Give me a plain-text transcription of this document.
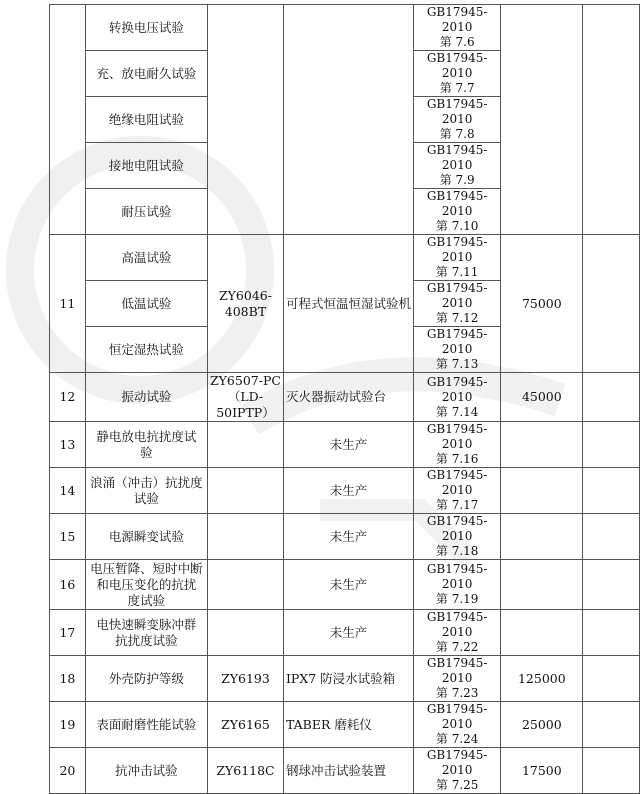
	转换电压试验			GB17945-2010
第 7.6		

	充、放电耐久试验			GB17945-2010
第 7.7		

	绝缘电阻试验			GB17945-2010
第 7.8		

	接地电阻试验			GB17945-2010
第 7.9		

	耐压试验			GB17945-2010
第 7.10		

11	高温试验	ZY6046-408BT	可程式恒温恒湿试验机	GB17945-2010
第 7.11	75000	

	低温试验			GB17945-2010
第 7.12		

	恒定湿热试验			GB17945-2010
第 7.13		

12	振动试验	ZY6507-PC
（LD-50IPTP）	灭火器振动试验台	GB17945-2010
第 7.14	45000	

13	静电放电抗扰度试
验		未生产	GB17945-2010
第 7.16		

14	浪涌（冲击）抗扰度
试验		未生产	GB17945-2010
第 7.17		

15	电源瞬变试验		未生产	GB17945-2010
第 7.18		

16	电压暂降、短时中断
和电压变化的抗扰
度试验		未生产	GB17945-2010
第 7.19		

17	电快速瞬变脉冲群
抗扰度试验		未生产	GB17945-2010
第 7.22		

18	外壳防护等级	ZY6193	IPX7 防浸水试验箱	GB17945-2010
第 7.23	125000	

19	表面耐磨性能试验	ZY6165	TABER 磨耗仪	GB17945-2010
第 7.24	25000	

20	抗冲击试验	ZY6118C	钢球冲击试验装置	GB17945-2010
第 7.25	17500	
